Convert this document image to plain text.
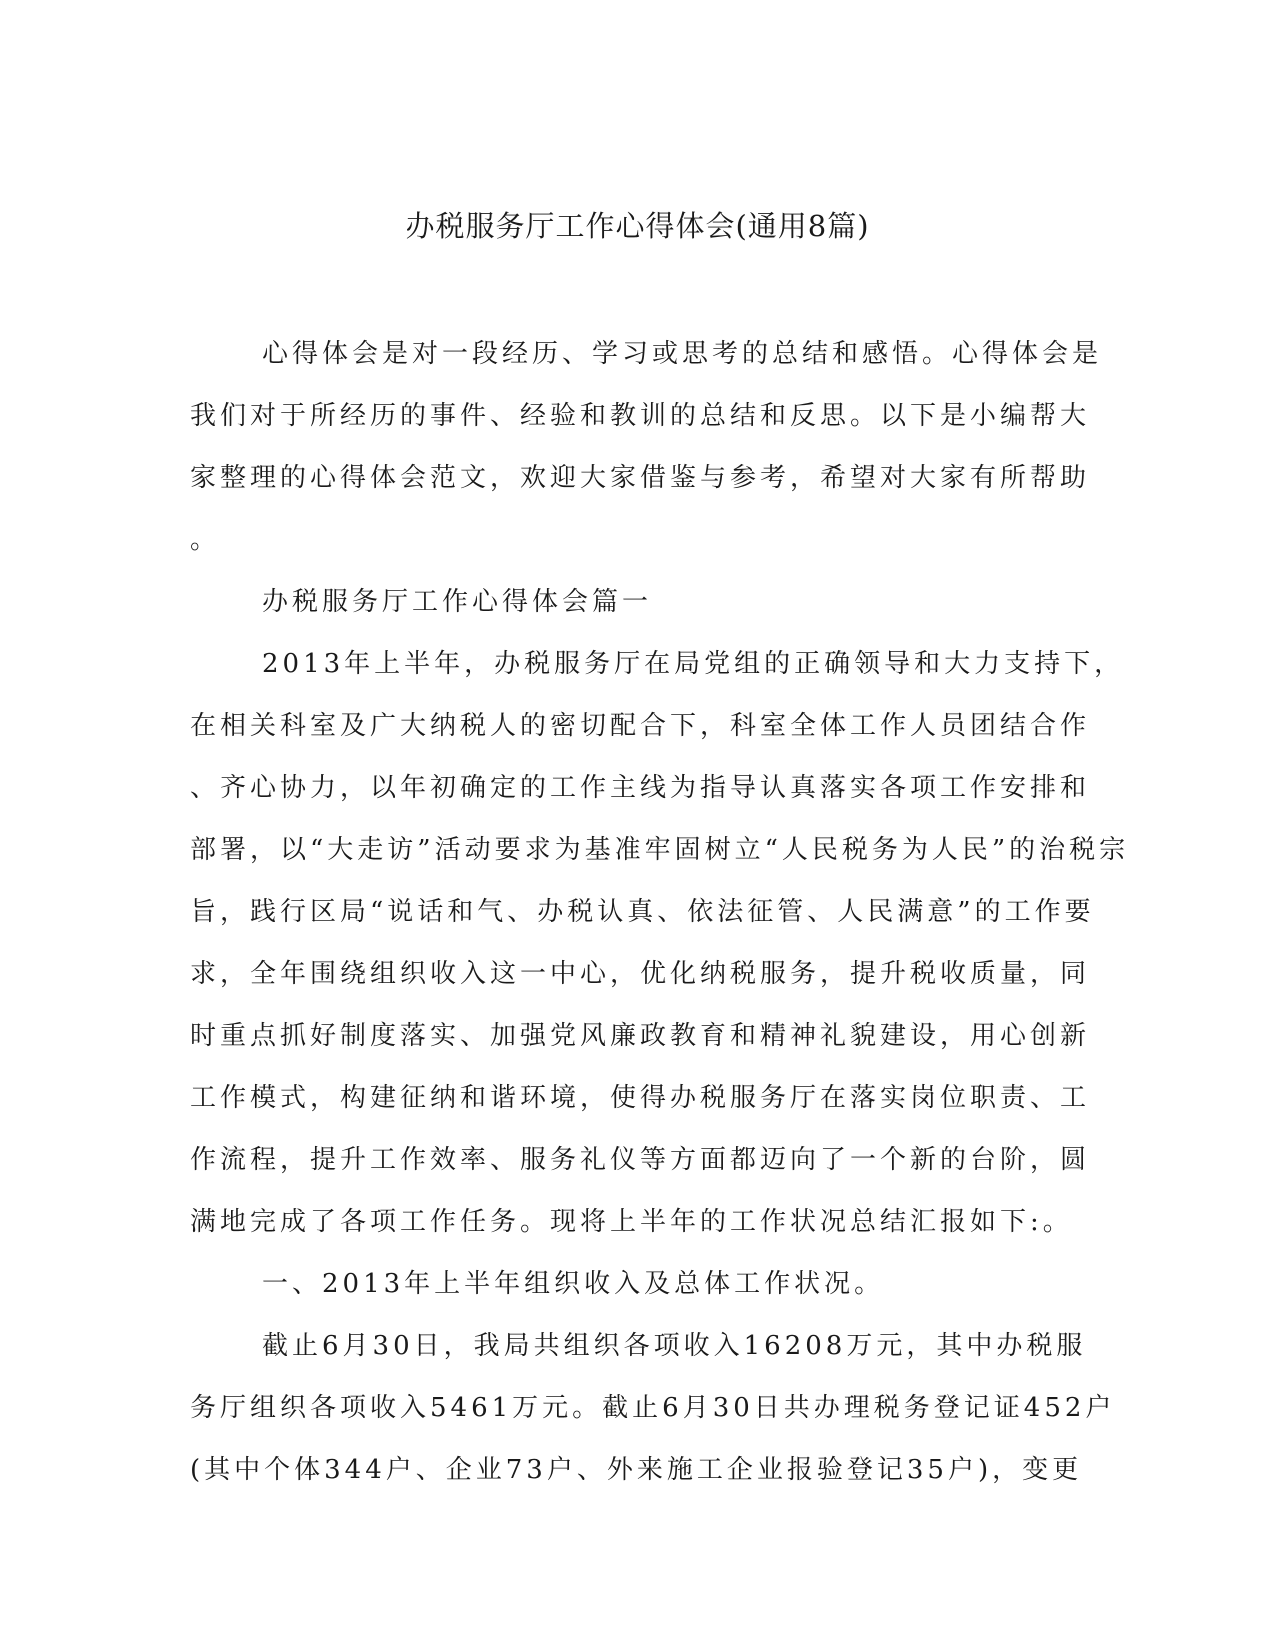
办税服务厅工作心得体会(通用8篇)
心得体会是对一段经历、学习或思考的总结和感悟。心得体会是
我们对于所经历的事件、经验和教训的总结和反思。以下是小编帮大
家整理的心得体会范文，欢迎大家借鉴与参考，希望对大家有所帮助
。
办税服务厅工作心得体会篇一
2013年上半年，办税服务厅在局党组的正确领导和大力支持下，
在相关科室及广大纳税人的密切配合下，科室全体工作人员团结合作
、齐心协力，以年初确定的工作主线为指导认真落实各项工作安排和
部署，以“大走访”活动要求为基准牢固树立“人民税务为人民”的治税宗
旨，践行区局“说话和气、办税认真、依法征管、人民满意”的工作要
求，全年围绕组织收入这一中心，优化纳税服务，提升税收质量，同
时重点抓好制度落实、加强党风廉政教育和精神礼貌建设，用心创新
工作模式，构建征纳和谐环境，使得办税服务厅在落实岗位职责、工
作流程，提升工作效率、服务礼仪等方面都迈向了一个新的台阶，圆
满地完成了各项工作任务。现将上半年的工作状况总结汇报如下:。
一、2013年上半年组织收入及总体工作状况。
截止6月30日，我局共组织各项收入16208万元，其中办税服
务厅组织各项收入5461万元。截止6月30日共办理税务登记证452户
(其中个体344户、企业73户、外来施工企业报验登记35户)，变更
